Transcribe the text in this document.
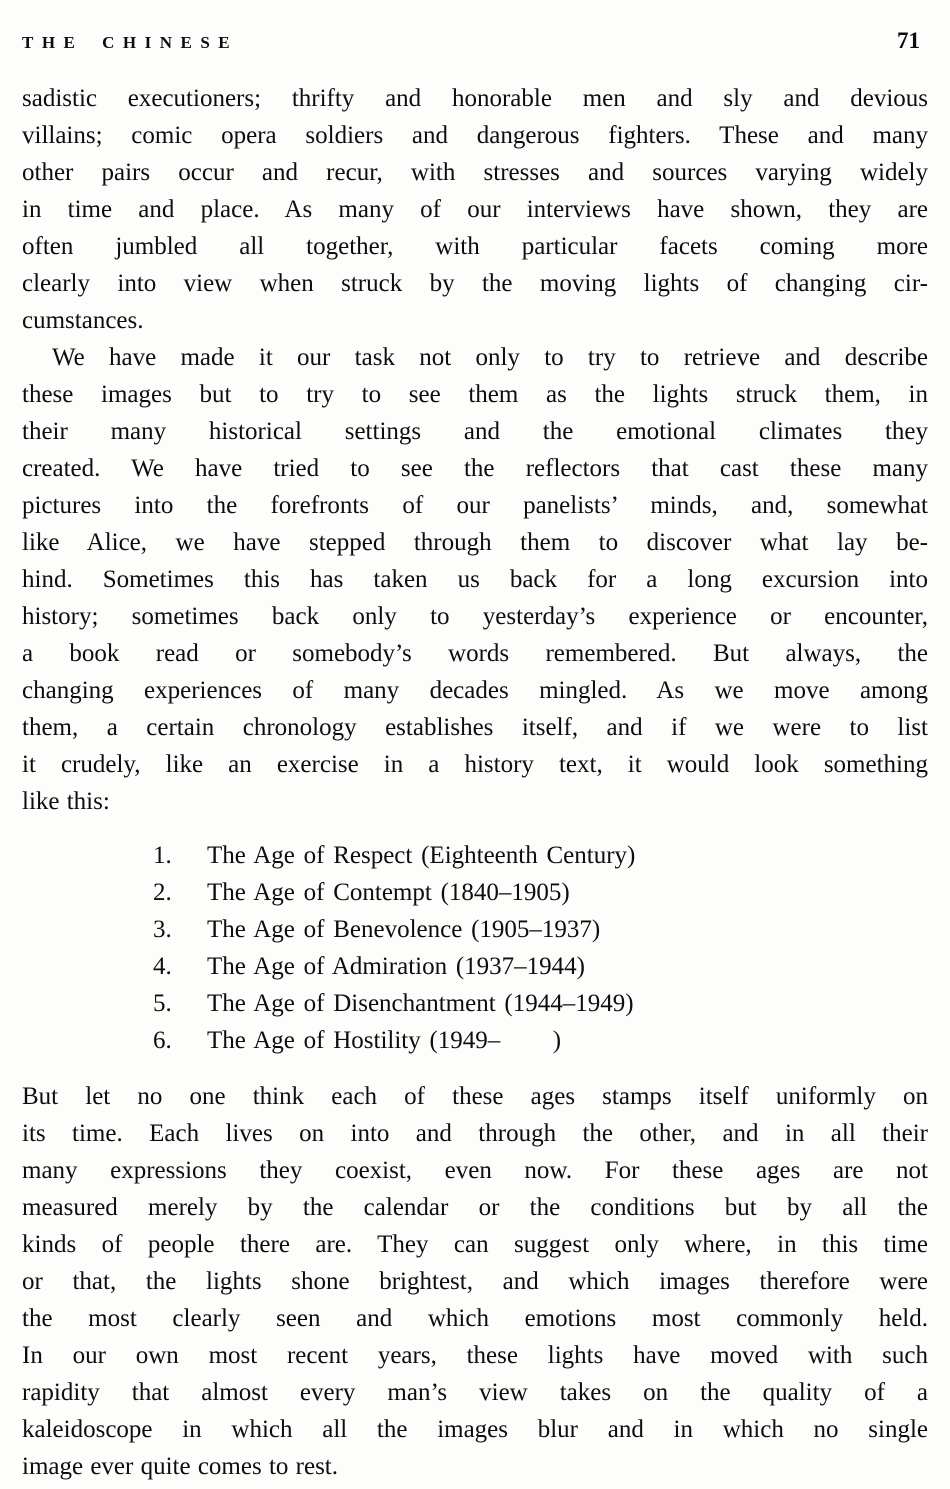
THE CHINESE	71
sadistic executioners; thrifty and honorable men and sly and devious
villains; comic opera soldiers and dangerous fighters. These and many
other pairs occur and recur, with stresses and sources varying widely
in time and place. As many of our interviews have shown, they are
often jumbled all together, with particular facets coming more
clearly into view when struck by the moving lights of changing cir-
cumstances.
We have made it our task not only to try to retrieve and describe
these images but to try to see them as the lights struck them, in
their many historical settings and the emotional climates they
created. We have tried to see the reflectors that cast these many
pictures into the forefronts of our panelists’ minds, and, somewhat
like Alice, we have stepped through them to discover what lay be-
hind. Sometimes this has taken us back for a long excursion into
history; sometimes back only to yesterday’s experience or encounter,
a book read or somebody’s words remembered. But always, the
changing experiences of many decades mingled. As we move among
them, a certain chronology establishes itself, and if we were to list
it crudely, like an exercise in a history text, it would look something
like this:
1.	The Age of Respect (Eighteenth Century)
2.	The Age of Contempt (1840–1905)
3.	The Age of Benevolence (1905–1937)
4.	The Age of Admiration (1937–1944)
5.	The Age of Disenchantment (1944–1949)
6.	The Age of Hostility (1949–      )
But let no one think each of these ages stamps itself uniformly on
its time. Each lives on into and through the other, and in all their
many expressions they coexist, even now. For these ages are not
measured merely by the calendar or the conditions but by all the
kinds of people there are. They can suggest only where, in this time
or that, the lights shone brightest, and which images therefore were
the most clearly seen and which emotions most commonly held.
In our own most recent years, these lights have moved with such
rapidity that almost every man’s view takes on the quality of a
kaleidoscope in which all the images blur and in which no single
image ever quite comes to rest.
